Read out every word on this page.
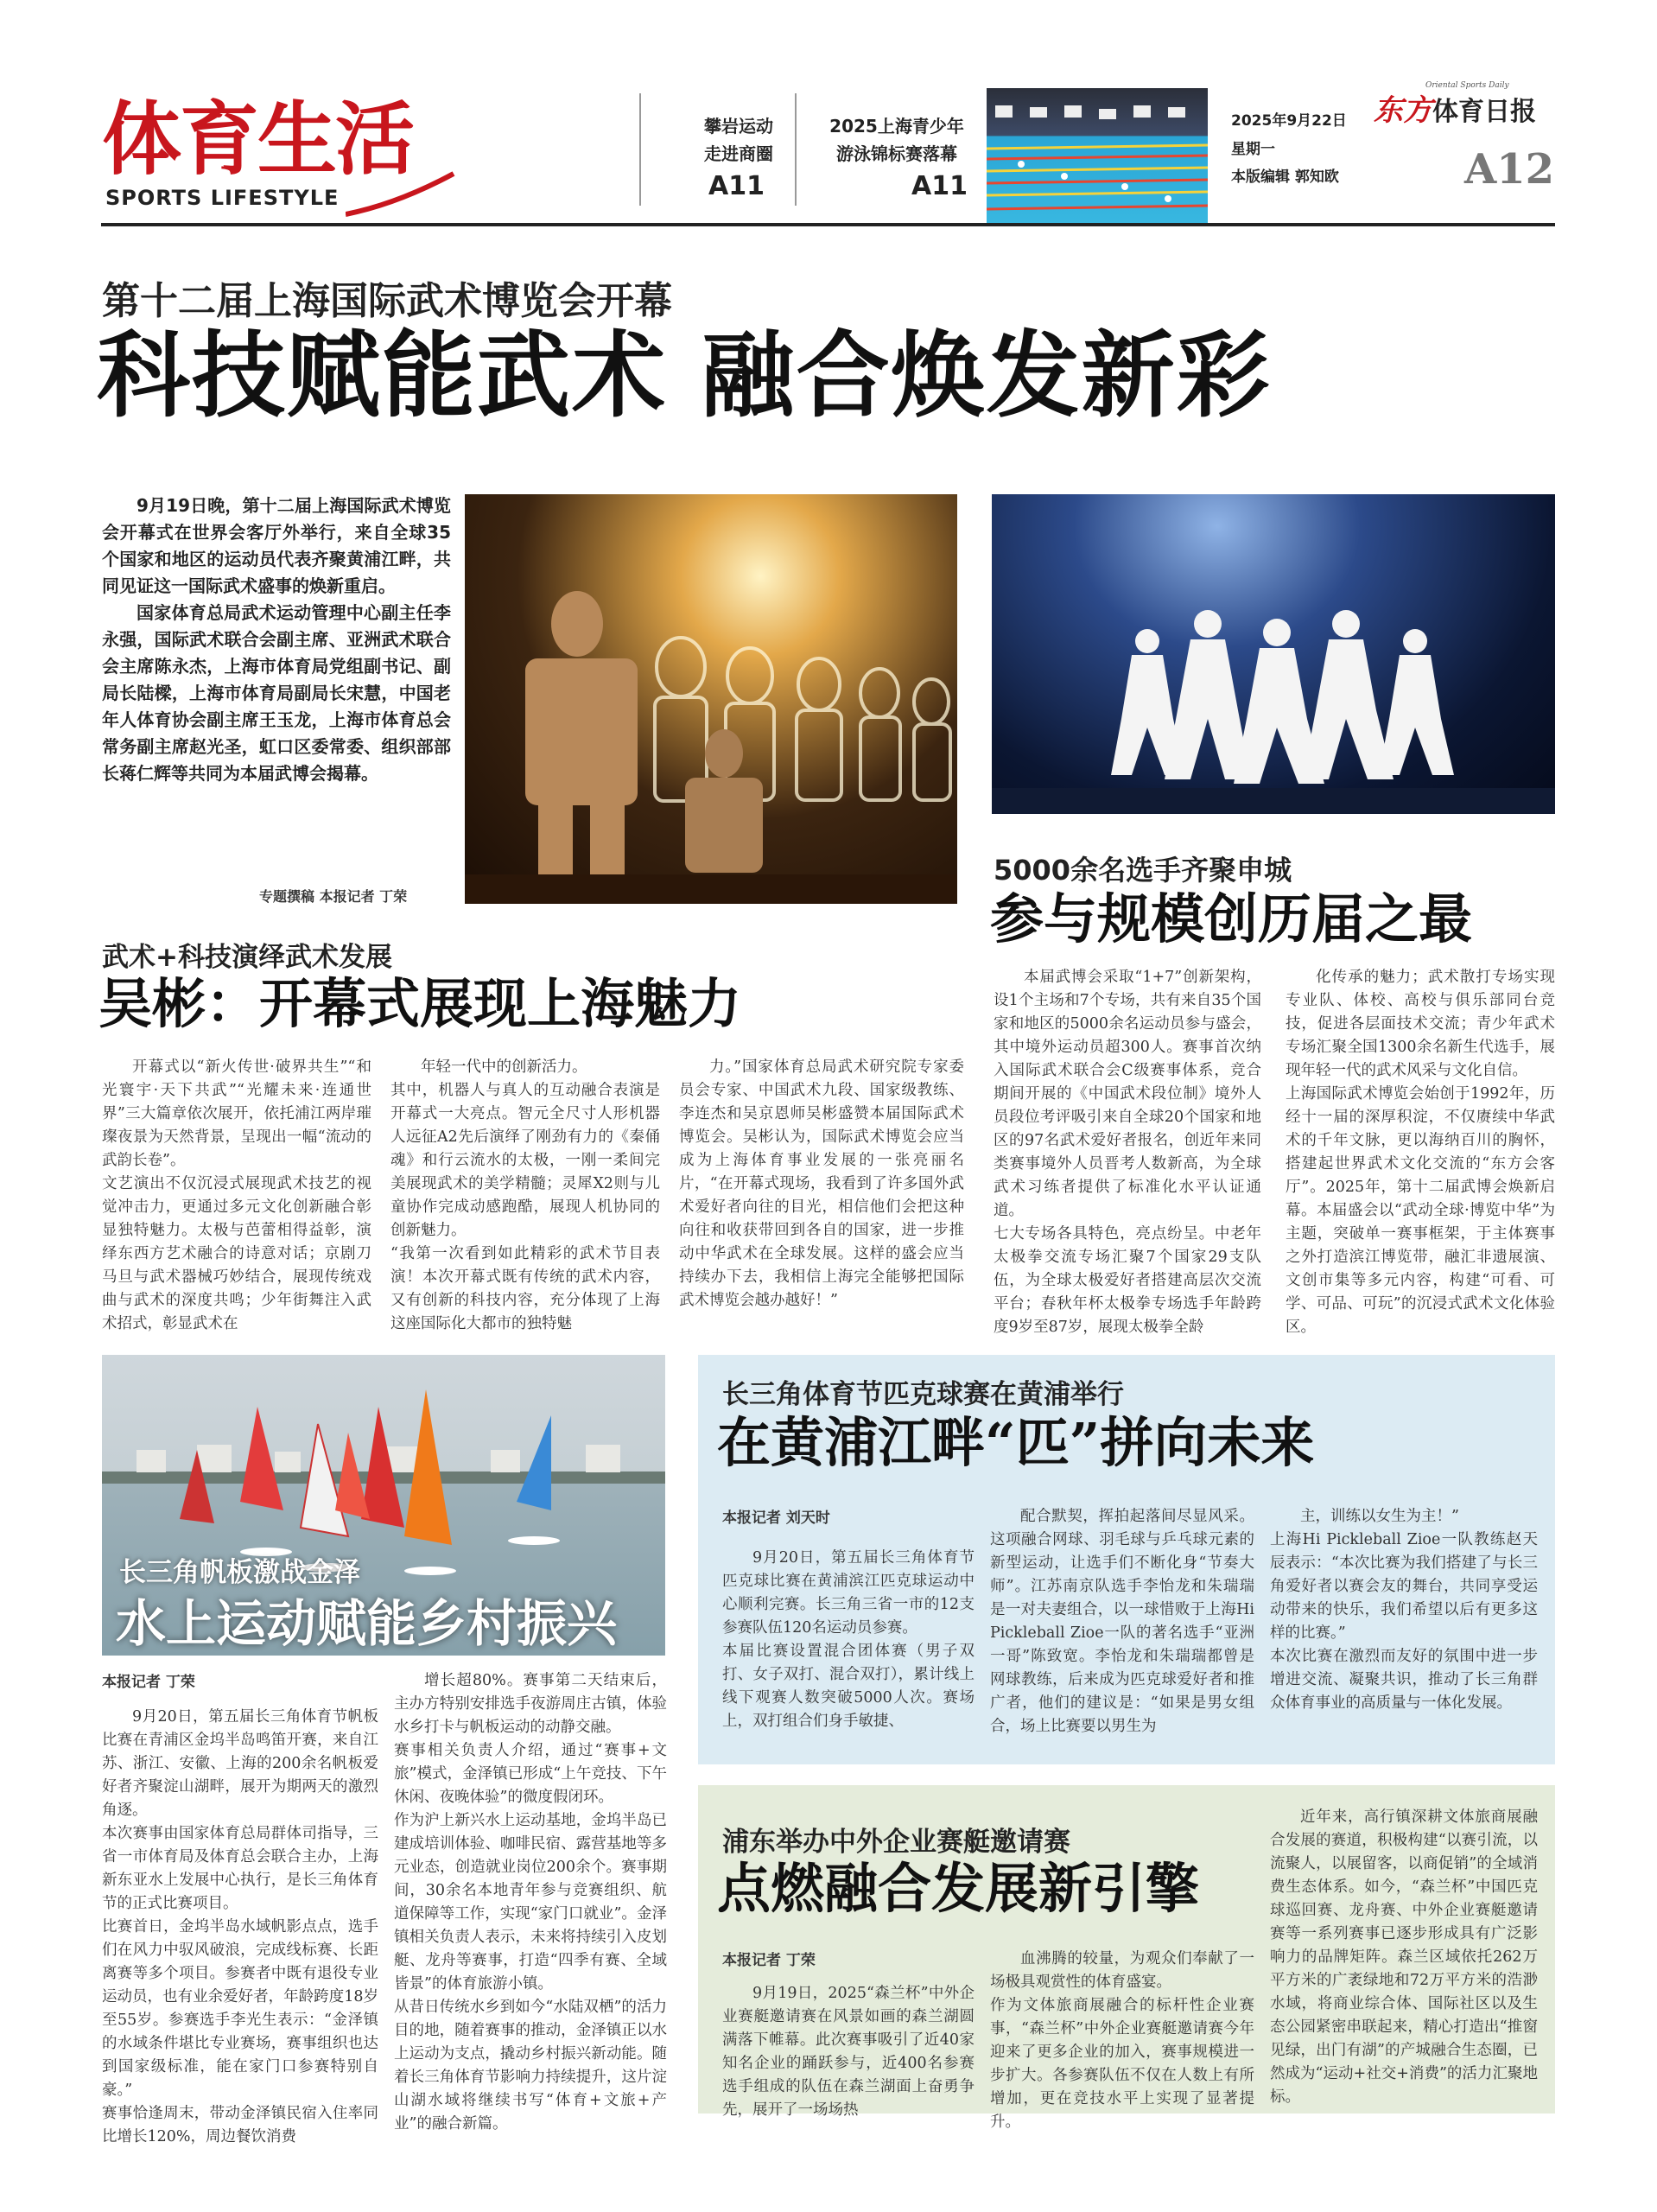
体育生活
SPORTS LIFESTYLE
攀岩运动
走进商圈
A11
2025上海青少年
游泳锦标赛落幕
A11
2025年9月22日
星期一
本版编辑 郭知欧
东方体育日报
Oriental Sports Daily
A12
第十二届上海国际武术博览会开幕
科技赋能武术 融合焕发新彩

9月19日晚，第十二届上海国际武术博览会开幕式在世界会客厅外举行，来自全球35个国家和地区的运动员代表齐聚黄浦江畔，共同见证这一国际武术盛事的焕新重启。

国家体育总局武术运动管理中心副主任李永强，国际武术联合会副主席、亚洲武术联合会主席陈永杰，上海市体育局党组副书记、副局长陆樑，上海市体育局副局长宋慧，中国老年人体育协会副主席王玉龙，上海市体育总会常务副主席赵光圣，虹口区委常委、组织部部长蒋仁辉等共同为本届武博会揭幕。

专题撰稿 本报记者 丁荣
武术+科技演绎武术发展
吴彬：开幕式展现上海魅力
开幕式以“新火传世·破界共生”“和光寰宇·天下共武”“光耀未来·连通世界”三大篇章依次展开，依托浦江两岸璀璨夜景为天然背景，呈现出一幅“流动的武韵长卷”。
文艺演出不仅沉浸式展现武术技艺的视觉冲击力，更通过多元文化创新融合彰显独特魅力。太极与芭蕾相得益彰，演绎东西方艺术融合的诗意对话；京剧刀马旦与武术器械巧妙结合，展现传统戏曲与武术的深度共鸣；少年街舞注入武术招式，彰显武术在
年轻一代中的创新活力。
其中，机器人与真人的互动融合表演是开幕式一大亮点。智元全尺寸人形机器人远征A2先后演绎了刚劲有力的《秦俑魂》和行云流水的太极，一刚一柔间完美展现武术的美学精髓；灵犀X2则与儿童协作完成动感跑酷，展现人机协同的创新魅力。
“我第一次看到如此精彩的武术节目表演！本次开幕式既有传统的武术内容，又有创新的科技内容，充分体现了上海这座国际化大都市的独特魅
力。”国家体育总局武术研究院专家委员会专家、中国武术九段、国家级教练、李连杰和吴京恩师吴彬盛赞本届国际武术博览会。吴彬认为，国际武术博览会应当成为上海体育事业发展的一张亮丽名片，“在开幕式现场，我看到了许多国外武术爱好者向往的目光，相信他们会把这种向往和收获带回到各自的国家，进一步推动中华武术在全球发展。这样的盛会应当持续办下去，我相信上海完全能够把国际武术博览会越办越好！”
5000余名选手齐聚申城
参与规模创历届之最
本届武博会采取“1+7”创新架构，设1个主场和7个专场，共有来自35个国家和地区的5000余名运动员参与盛会，其中境外运动员超300人。赛事首次纳入国际武术联合会C级赛事体系，竞合期间开展的《中国武术段位制》境外人员段位考评吸引来自全球20个国家和地区的97名武术爱好者报名，创近年来同类赛事境外人员晋考人数新高，为全球武术习练者提供了标准化水平认证通道。
七大专场各具特色，亮点纷呈。中老年太极拳交流专场汇聚7个国家29支队伍，为全球太极爱好者搭建高层次交流平台；春秋年杯太极拳专场选手年龄跨度9岁至87岁，展现太极拳全龄
化传承的魅力；武术散打专场实现专业队、体校、高校与俱乐部同台竞技，促进各层面技术交流；青少年武术专场汇聚全国1300余名新生代选手，展现年轻一代的武术风采与文化自信。
上海国际武术博览会始创于1992年，历经十一届的深厚积淀，不仅赓续中华武术的千年文脉，更以海纳百川的胸怀，搭建起世界武术文化交流的“东方会客厅”。2025年，第十二届武博会焕新启幕。本届盛会以“武动全球·博览中华”为主题，突破单一赛事框架，于主体赛事之外打造滨江博览带，融汇非遗展演、文创市集等多元内容，构建“可看、可学、可品、可玩”的沉浸式武术文化体验区。
长三角帆板激战金泽
水上运动赋能乡村振兴
本报记者 丁荣
9月20日，第五届长三角体育节帆板比赛在青浦区金坞半岛鸣笛开赛，来自江苏、浙江、安徽、上海的200余名帆板爱好者齐聚淀山湖畔，展开为期两天的激烈角逐。
本次赛事由国家体育总局群体司指导，三省一市体育局及体育总会联合主办，上海新东亚水上发展中心执行，是长三角体育节的正式比赛项目。
比赛首日，金坞半岛水域帆影点点，选手们在风力中驭风破浪，完成线标赛、长距离赛等多个项目。参赛者中既有退役专业运动员，也有业余爱好者，年龄跨度18岁至55岁。参赛选手李光生表示：“金泽镇的水域条件堪比专业赛场，赛事组织也达到国家级标准，能在家门口参赛特别自豪。”
赛事恰逢周末，带动金泽镇民宿入住率同比增长120%，周边餐饮消费
增长超80%。赛事第二天结束后，主办方特别安排选手夜游周庄古镇，体验水乡打卡与帆板运动的动静交融。
赛事相关负责人介绍，通过“赛事+文旅”模式，金泽镇已形成“上午竞技、下午休闲、夜晚体验”的微度假闭环。
作为沪上新兴水上运动基地，金坞半岛已建成培训体验、咖啡民宿、露营基地等多元业态，创造就业岗位200余个。赛事期间，30余名本地青年参与竞赛组织、航道保障等工作，实现“家门口就业”。金泽镇相关负责人表示，未来将持续引入皮划艇、龙舟等赛事，打造“四季有赛、全域皆景”的体育旅游小镇。
从昔日传统水乡到如今“水陆双栖”的活力目的地，随着赛事的推动，金泽镇正以水上运动为支点，撬动乡村振兴新动能。随着长三角体育节影响力持续提升，这片淀山湖水域将继续书写“体育+文旅+产业”的融合新篇。
长三角体育节匹克球赛在黄浦举行
在黄浦江畔“匹”拼向未来
本报记者 刘天时
9月20日，第五届长三角体育节匹克球比赛在黄浦滨江匹克球运动中心顺利完赛。长三角三省一市的12支参赛队伍120名运动员参赛。
本届比赛设置混合团体赛（男子双打、女子双打、混合双打），累计线上线下观赛人数突破5000人次。赛场上，双打组合们身手敏捷、
配合默契，挥拍起落间尽显风采。这项融合网球、羽毛球与乒乓球元素的新型运动，让选手们不断化身“节奏大师”。江苏南京队选手李怡龙和朱瑞瑞是一对夫妻组合，以一球惜败于上海Hi Pickleball Zioe一队的著名选手“亚洲一哥”陈致宽。李怡龙和朱瑞瑞都曾是网球教练，后来成为匹克球爱好者和推广者，他们的建议是：“如果是男女组合，场上比赛要以男生为
主，训练以女生为主！”
上海Hi Pickleball Zioe一队教练赵天辰表示：“本次比赛为我们搭建了与长三角爱好者以赛会友的舞台，共同享受运动带来的快乐，我们希望以后有更多这样的比赛。”
本次比赛在激烈而友好的氛围中进一步增进交流、凝聚共识，推动了长三角群众体育事业的高质量与一体化发展。
浦东举办中外企业赛艇邀请赛
点燃融合发展新引擎
本报记者 丁荣
9月19日，2025“森兰杯”中外企业赛艇邀请赛在风景如画的森兰湖圆满落下帷幕。此次赛事吸引了近40家知名企业的踊跃参与，近400名参赛选手组成的队伍在森兰湖面上奋勇争先，展开了一场场热
血沸腾的较量，为观众们奉献了一场极具观赏性的体育盛宴。
作为文体旅商展融合的标杆性企业赛事，“森兰杯”中外企业赛艇邀请赛今年迎来了更多企业的加入，赛事规模进一步扩大。各参赛队伍不仅在人数上有所增加，更在竞技水平上实现了显著提升。
近年来，高行镇深耕文体旅商展融合发展的赛道，积极构建“以赛引流，以流聚人，以展留客，以商促销”的全域消费生态体系。如今，“森兰杯”中国匹克球巡回赛、龙舟赛、中外企业赛艇邀请赛等一系列赛事已逐步形成具有广泛影响力的品牌矩阵。森兰区域依托262万平方米的广袤绿地和72万平方米的浩渺水域，将商业综合体、国际社区以及生态公园紧密串联起来，精心打造出“推窗见绿，出门有湖”的产城融合生态圈，已然成为“运动+社交+消费”的活力汇聚地标。
